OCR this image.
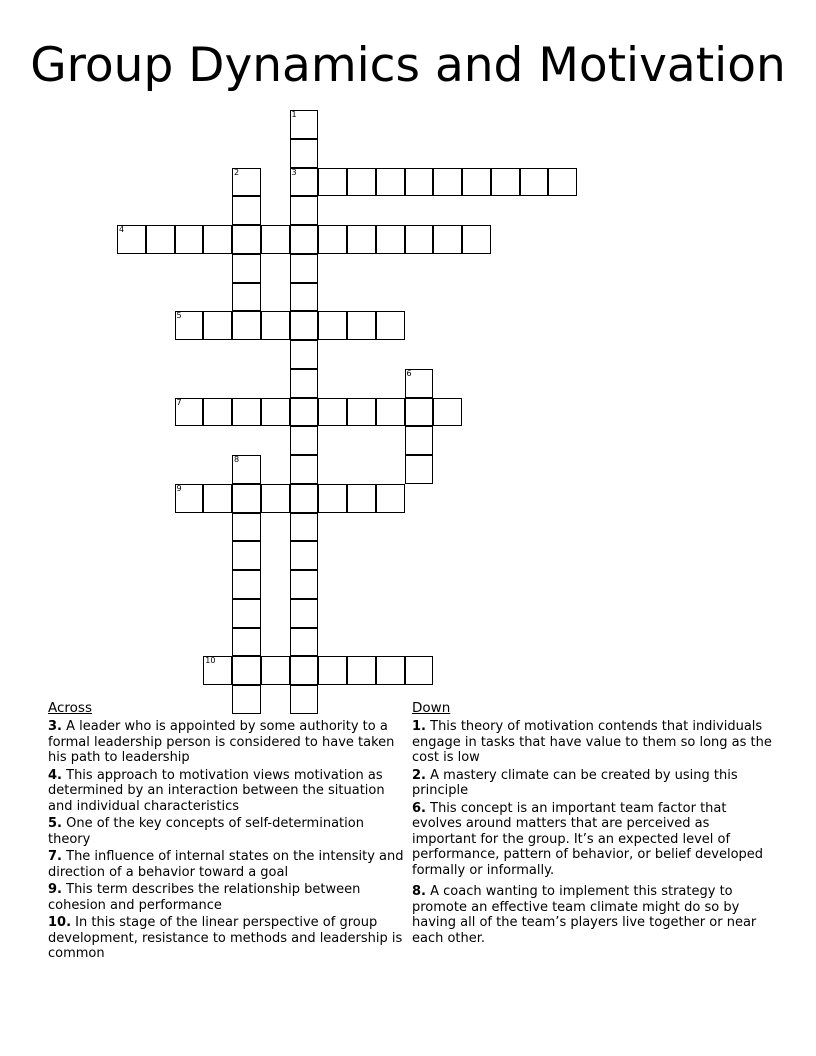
Group Dynamics and Motivation
1
3
2
4
5
6
7
8
9
10
Across
3. A leader who is appointed by some authority to a formal leadership person is considered to have taken his path to leadership
4. This approach to motivation views motivation as determined by an interaction between the situation and individual characteristics
5. One of the key concepts of self-determination theory
7. The influence of internal states on the intensity and direction of a behavior toward a goal
9. This term describes the relationship between cohesion and performance
10. In this stage of the linear perspective of group development, resistance to methods and leadership is common
Down
1. This theory of motivation contends that individuals engage in tasks that have value to them so long as the cost is low
2. A mastery climate can be created by using this principle
6. This concept is an important team factor that evolves around matters that are perceived as important for the group. It’s an expected level of performance, pattern of behavior, or belief developed formally or informally.
8. A coach wanting to implement this strategy to promote an effective team climate might do so by having all of the team’s players live together or near each other.
